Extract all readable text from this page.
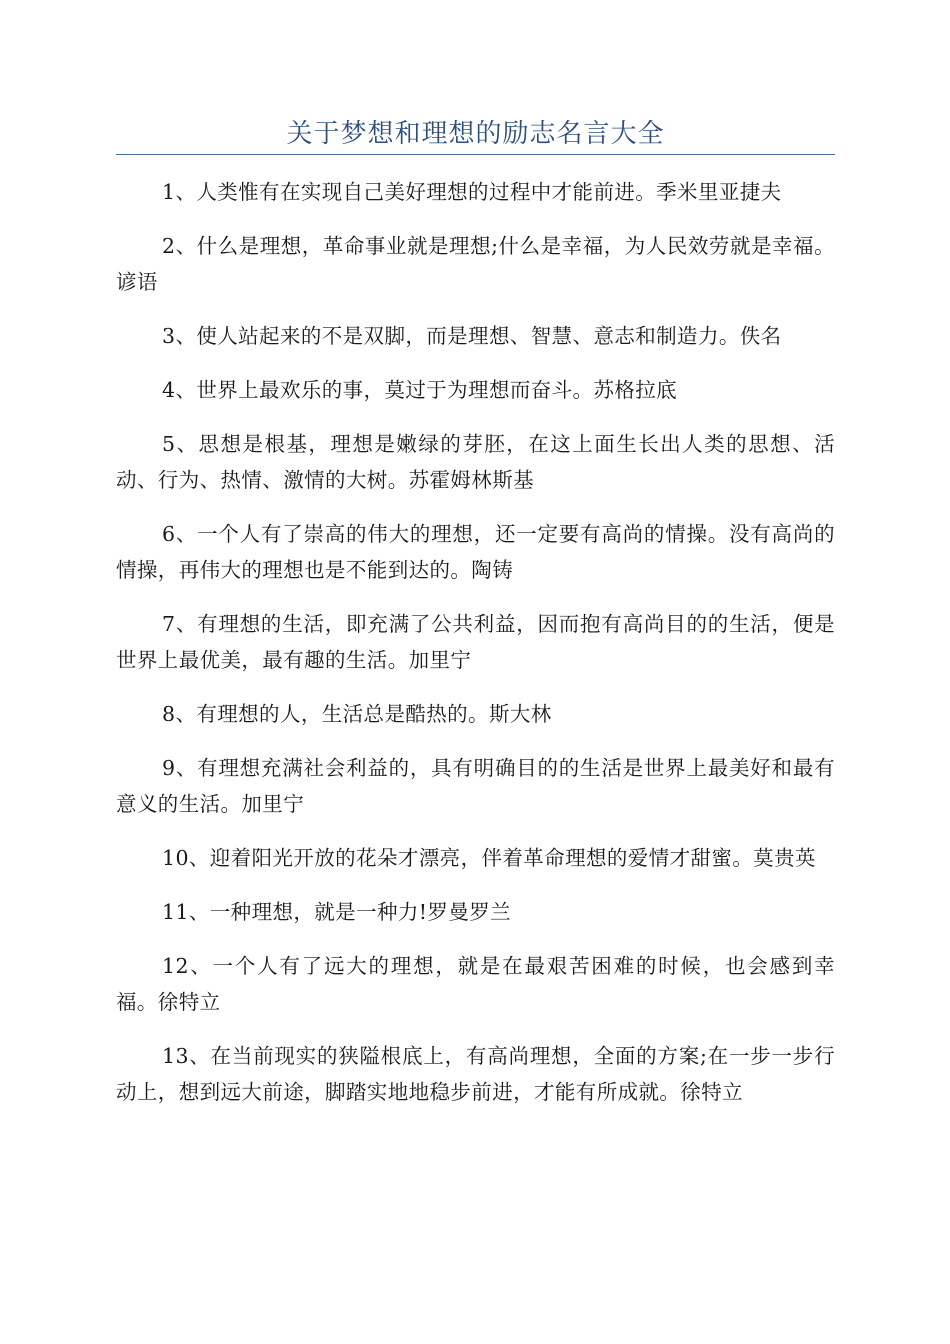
关于梦想和理想的励志名言大全

1、人类惟有在实现自己美好理想的过程中才能前进。季米里亚捷夫

2、什么是理想，革命事业就是理想;什么是幸福，为人民效劳就是幸福。谚语

3、使人站起来的不是双脚，而是理想、智慧、意志和制造力。佚名

4、世界上最欢乐的事，莫过于为理想而奋斗。苏格拉底

5、思想是根基，理想是嫩绿的芽胚，在这上面生长出人类的思想、活动、行为、热情、激情的大树。苏霍姆林斯基

6、一个人有了崇高的伟大的理想，还一定要有高尚的情操。没有高尚的情操，再伟大的理想也是不能到达的。陶铸

7、有理想的生活，即充满了公共利益，因而抱有高尚目的的生活，便是世界上最优美，最有趣的生活。加里宁

8、有理想的人，生活总是酷热的。斯大林

9、有理想充满社会利益的，具有明确目的的生活是世界上最美好和最有意义的生活。加里宁

10、迎着阳光开放的花朵才漂亮，伴着革命理想的爱情才甜蜜。莫贵英

11、一种理想，就是一种力!罗曼罗兰

12、一个人有了远大的理想，就是在最艰苦困难的时候，也会感到幸福。徐特立

13、在当前现实的狭隘根底上，有高尚理想，全面的方案;在一步一步行动上，想到远大前途，脚踏实地地稳步前进，才能有所成就。徐特立
